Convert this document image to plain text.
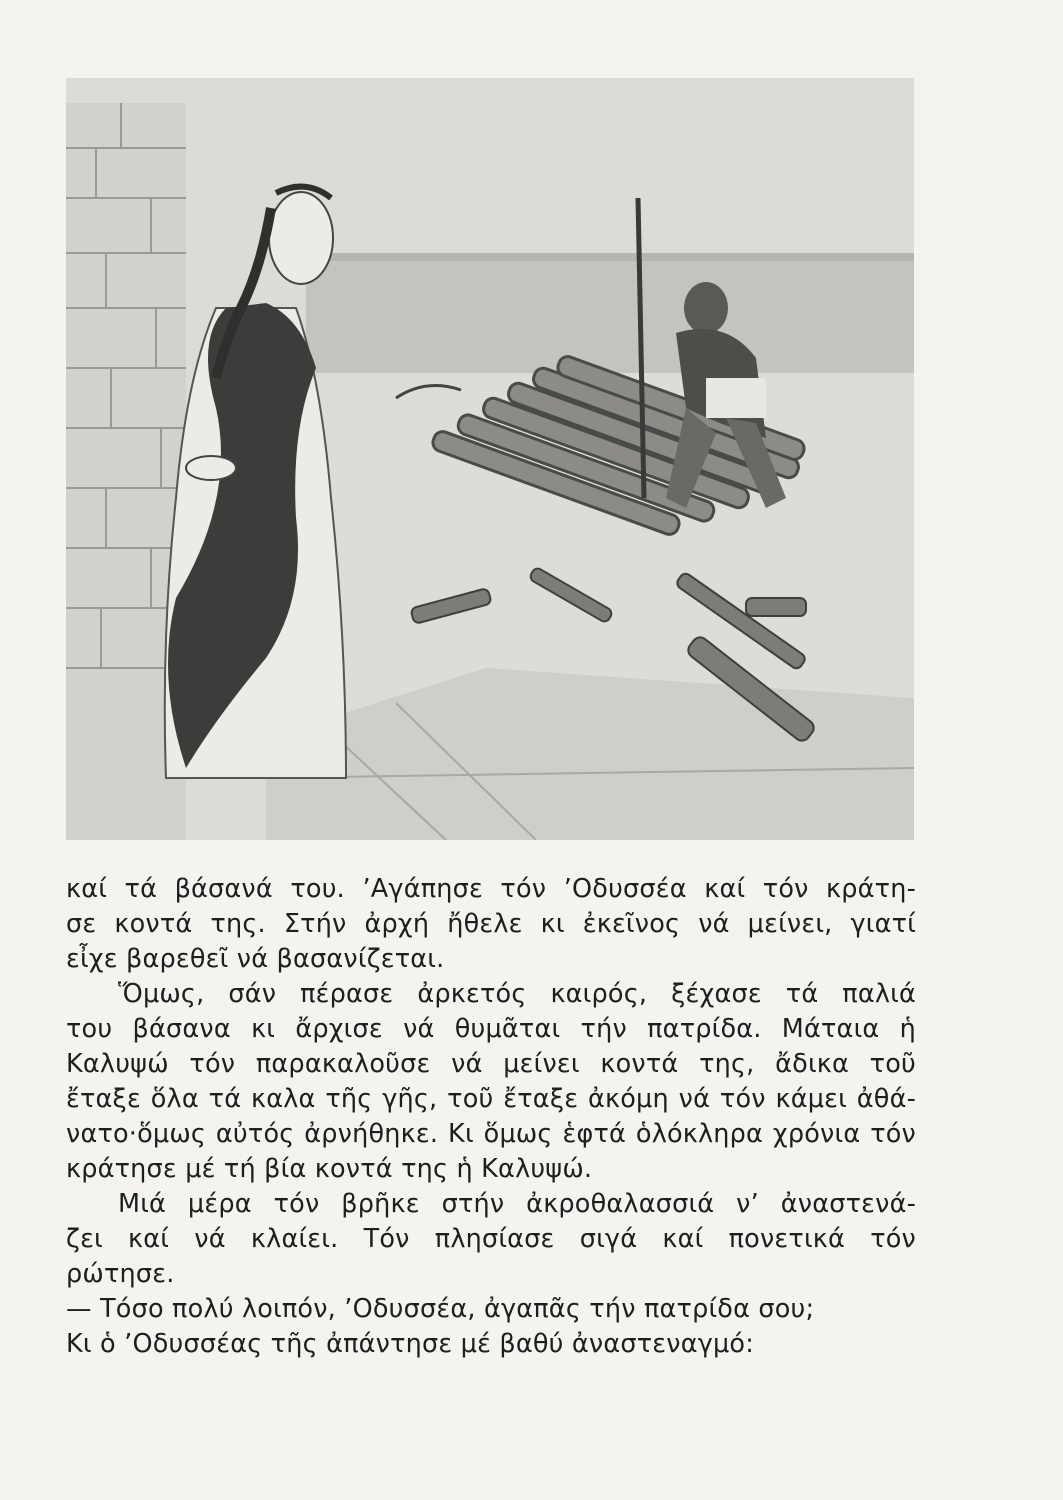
καί τά βάσανά του. ’Αγάπησε τόν ’Οδυσσέα καί τόν κράτη-
σε κοντά της. Στήν ἀρχή ἤθελε κι ἐκεῖνος νά μείνει, γιατί
εἶχε βαρεθεῖ νά βασανίζεται.

Ὅμως, σάν πέρασε ἀρκετός καιρός, ξέχασε τά παλιά
του βάσανα κι ἄρχισε νά θυμᾶται τήν πατρίδα. Μάταια ἡ
Καλυψώ τόν παρακαλοῦσε νά μείνει κοντά της, ἄδικα τοῦ
ἔταξε ὅλα τά καλα τῆς γῆς, τοῦ ἔταξε ἀκόμη νά τόν κάμει ἀθά-
νατο·ὅμως αὐτός ἀρνήθηκε. Κι ὅμως ἑφτά ὁλόκληρα χρόνια τόν
κράτησε μέ τή βία κοντά της ἡ Καλυψώ.

Μιά μέρα τόν βρῆκε στήν ἀκροθαλασσιά ν’ ἀναστενά-
ζει καί νά κλαίει. Τόν πλησίασε σιγά καί πονετικά τόν
ρώτησε.

— Τόσο πολύ λοιπόν, ’Οδυσσέα, ἀγαπᾶς τήν πατρίδα σου;

Κι ὁ ’Οδυσσέας τῆς ἀπάντησε μέ βαθύ ἀναστεναγμό:
